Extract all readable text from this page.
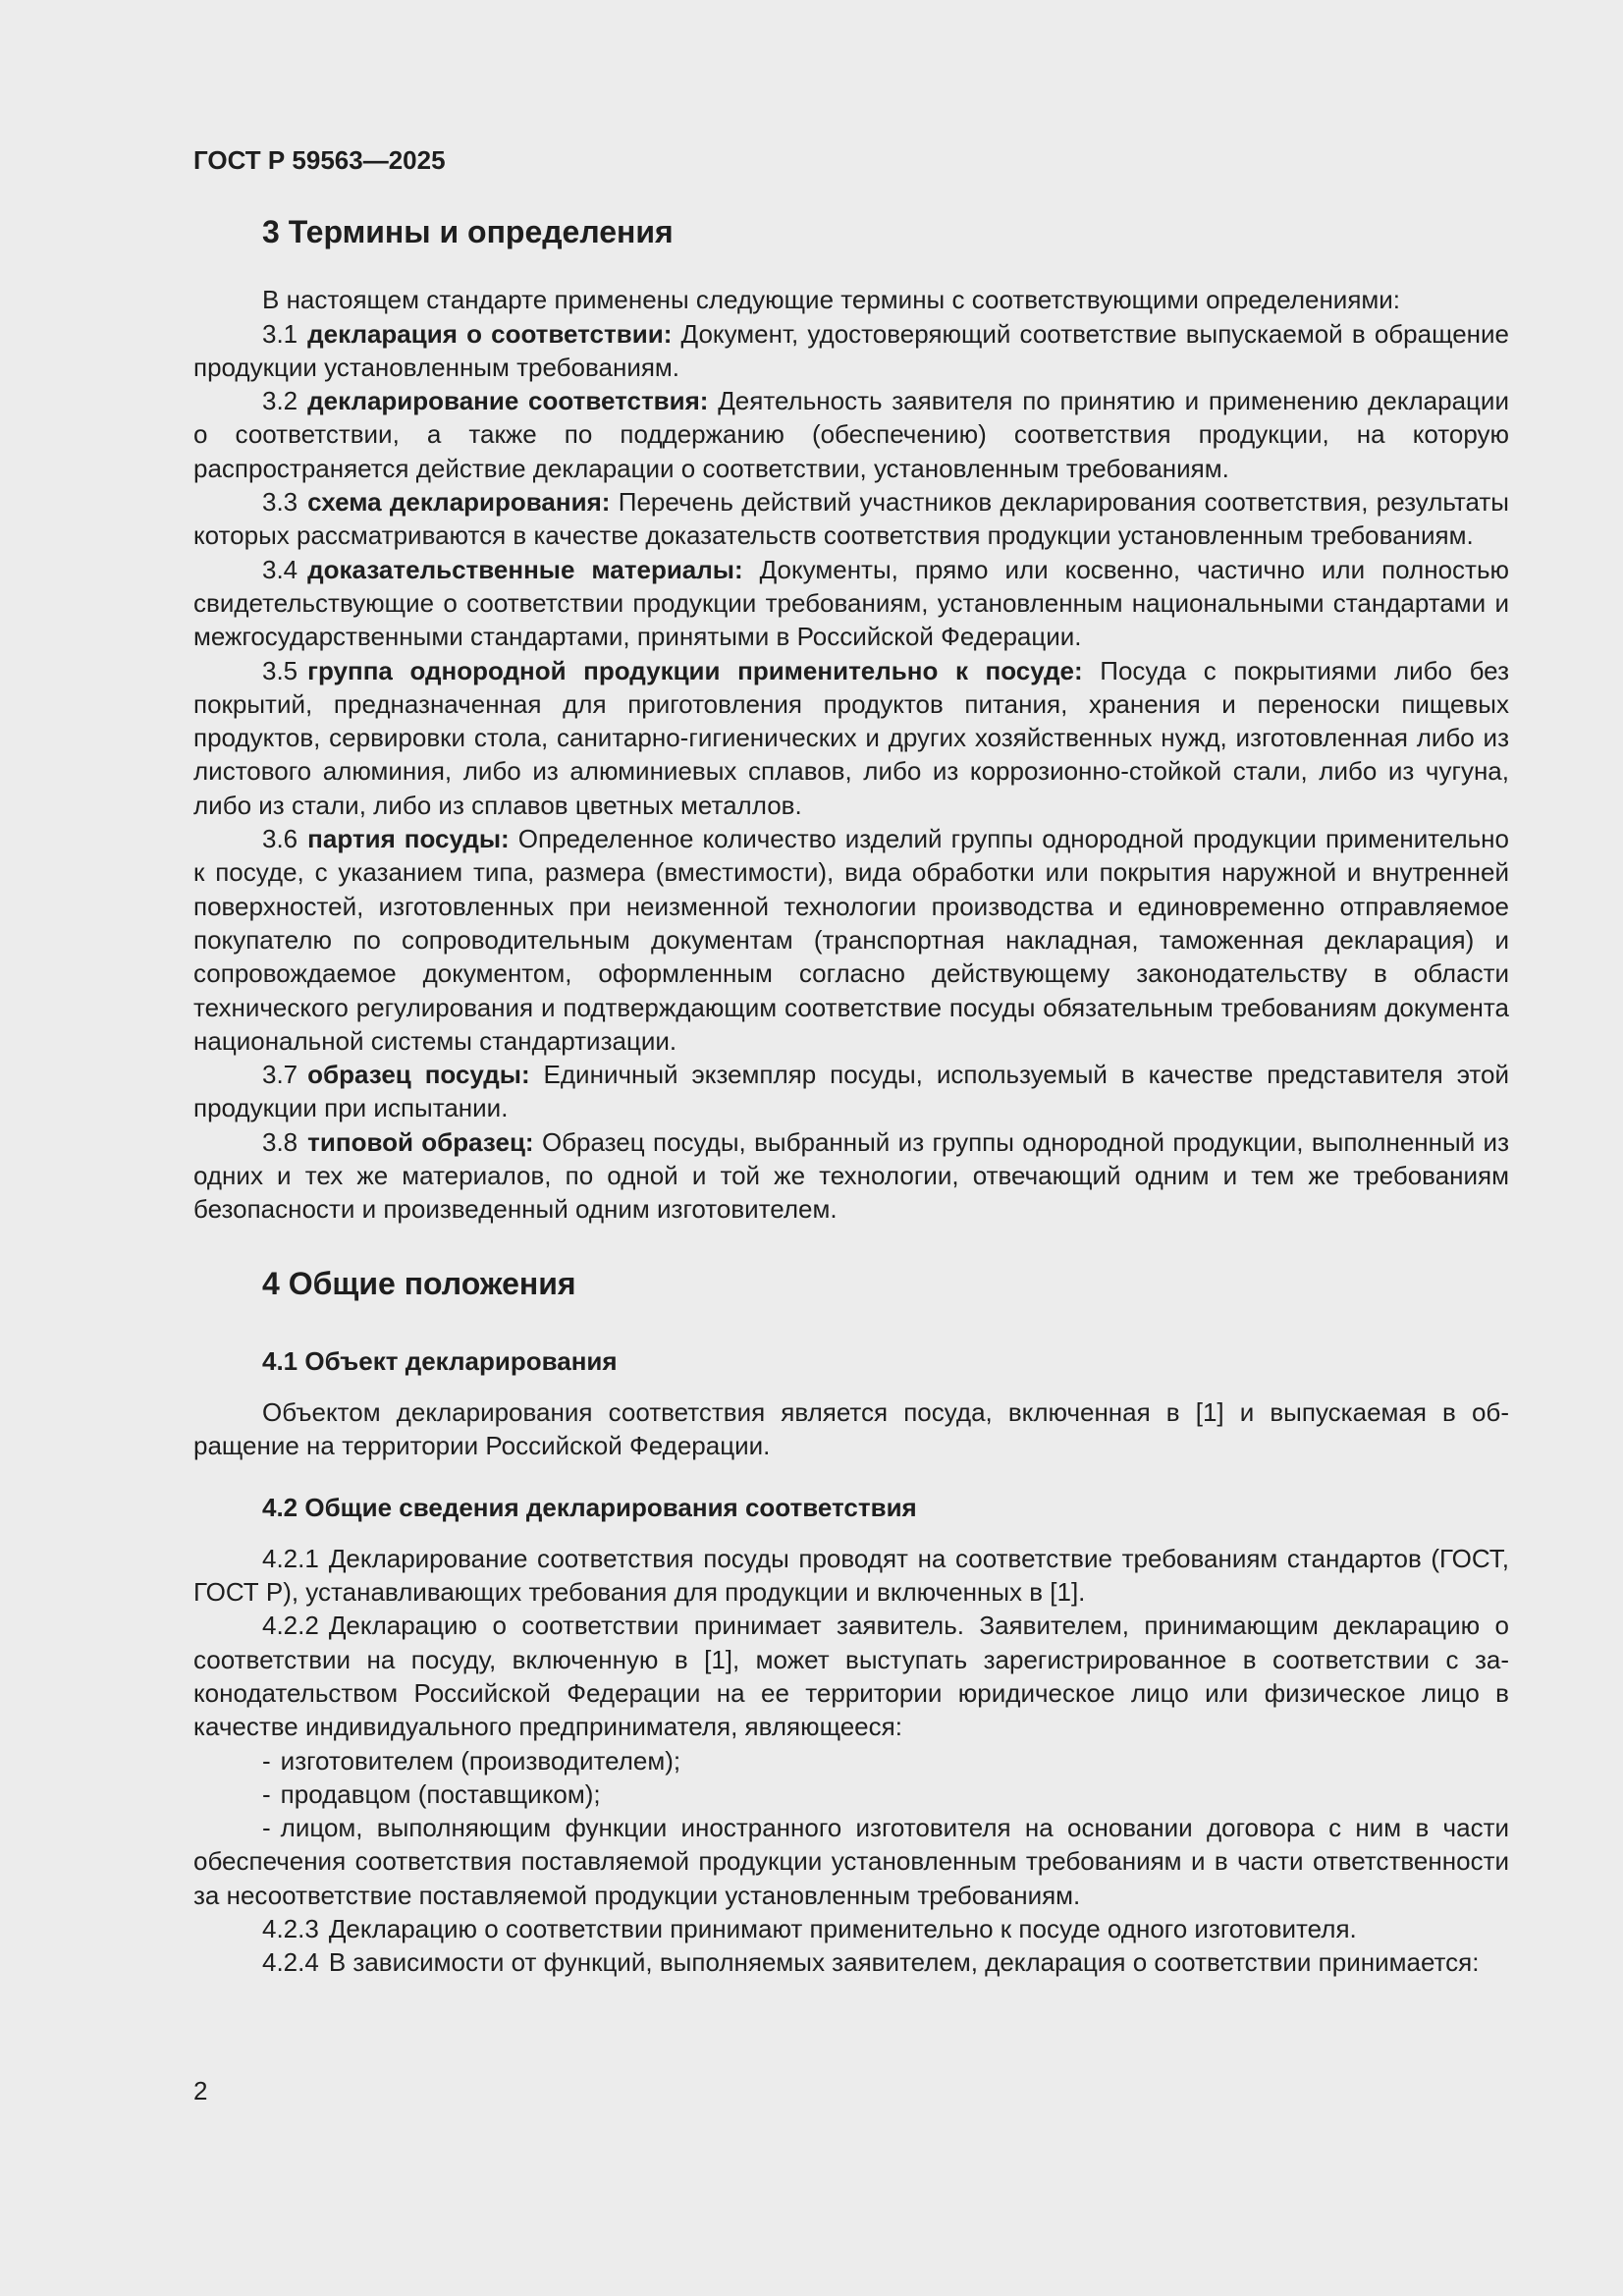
ГОСТ Р 59563—2025
3 Термины и определения

В настоящем стандарте применены следующие термины с соответствующими определениями:

3.1 декларация о соответствии: Документ, удостоверяющий соответствие выпускаемой в обращение продукции установленным требованиям.

3.2 декларирование соответствия: Деятельность заявителя по принятию и применению декларации о соответствии, а также по поддержанию (обеспечению) соответствия продукции, на которую распространяется действие декларации о соответствии, установленным требованиям.

3.3 схема декларирования: Перечень действий участников декларирования соответствия, результаты которых рассматриваются в качестве доказательств соответствия продукции установленным требованиям.

3.4 доказательственные материалы: Документы, прямо или косвенно, частично или полностью свидетельствующие о соответствии продукции требованиям, установленным национальными стандартами и межгосударственными стандартами, принятыми в Российской Федерации.

3.5 группа однородной продукции применительно к посуде: Посуда с покрытиями либо без покрытий, предназначенная для приготовления продуктов питания, хранения и переноски пищевых продуктов, сервировки стола, санитарно-гигиенических и других хозяйственных нужд, изготовленная либо из листового алюминия, либо из алюминиевых сплавов, либо из коррозионно-стойкой стали, либо из чугуна, либо из стали, либо из сплавов цветных металлов.

3.6 партия посуды: Определенное количество изделий группы однородной продукции применительно к посуде, с указанием типа, размера (вместимости), вида обработки или покрытия наружной и внутренней поверхностей, изготовленных при неизменной технологии производства и единовременно отправляемое покупателю по сопроводительным документам (транспортная накладная, таможенная декларация) и сопровождаемое документом, оформленным согласно действующему законодательству в области технического регулирования и подтверждающим соответствие посуды обязательным требованиям документа национальной системы стандартизации.

3.7 образец посуды: Единичный экземпляр посуды, используемый в качестве представителя этой продукции при испытании.

3.8 типовой образец: Образец посуды, выбранный из группы однородной продукции, выполненный из одних и тех же материалов, по одной и той же технологии, отвечающий одним и тем же требованиям безопасности и произведенный одним изготовителем.

4 Общие положения
4.1 Объект декларирования

Объектом декларирования соответствия является посуда, включенная в [1] и выпускаемая в обращение на территории Российской Федерации.

4.2 Общие сведения декларирования соответствия

4.2.1 Декларирование соответствия посуды проводят на соответствие требованиям стандартов (ГОСТ, ГОСТ Р), устанавливающих требования для продукции и включенных в [1].

4.2.2 Декларацию о соответствии принимает заявитель. Заявителем, принимающим декларацию о соответствии на посуду, включенную в [1], может выступать зарегистрированное в соответствии с законодательством Российской Федерации на ее территории юридическое лицо или физическое лицо в качестве индивидуального предпринимателя, являющееся:

- изготовителем (производителем);

- продавцом (поставщиком);

- лицом, выполняющим функции иностранного изготовителя на основании договора с ним в части обеспечения соответствия поставляемой продукции установленным требованиям и в части ответственности за несоответствие поставляемой продукции установленным требованиям.

4.2.3 Декларацию о соответствии принимают применительно к посуде одного изготовителя.

4.2.4 В зависимости от функций, выполняемых заявителем, декларация о соответствии принимается:

2
